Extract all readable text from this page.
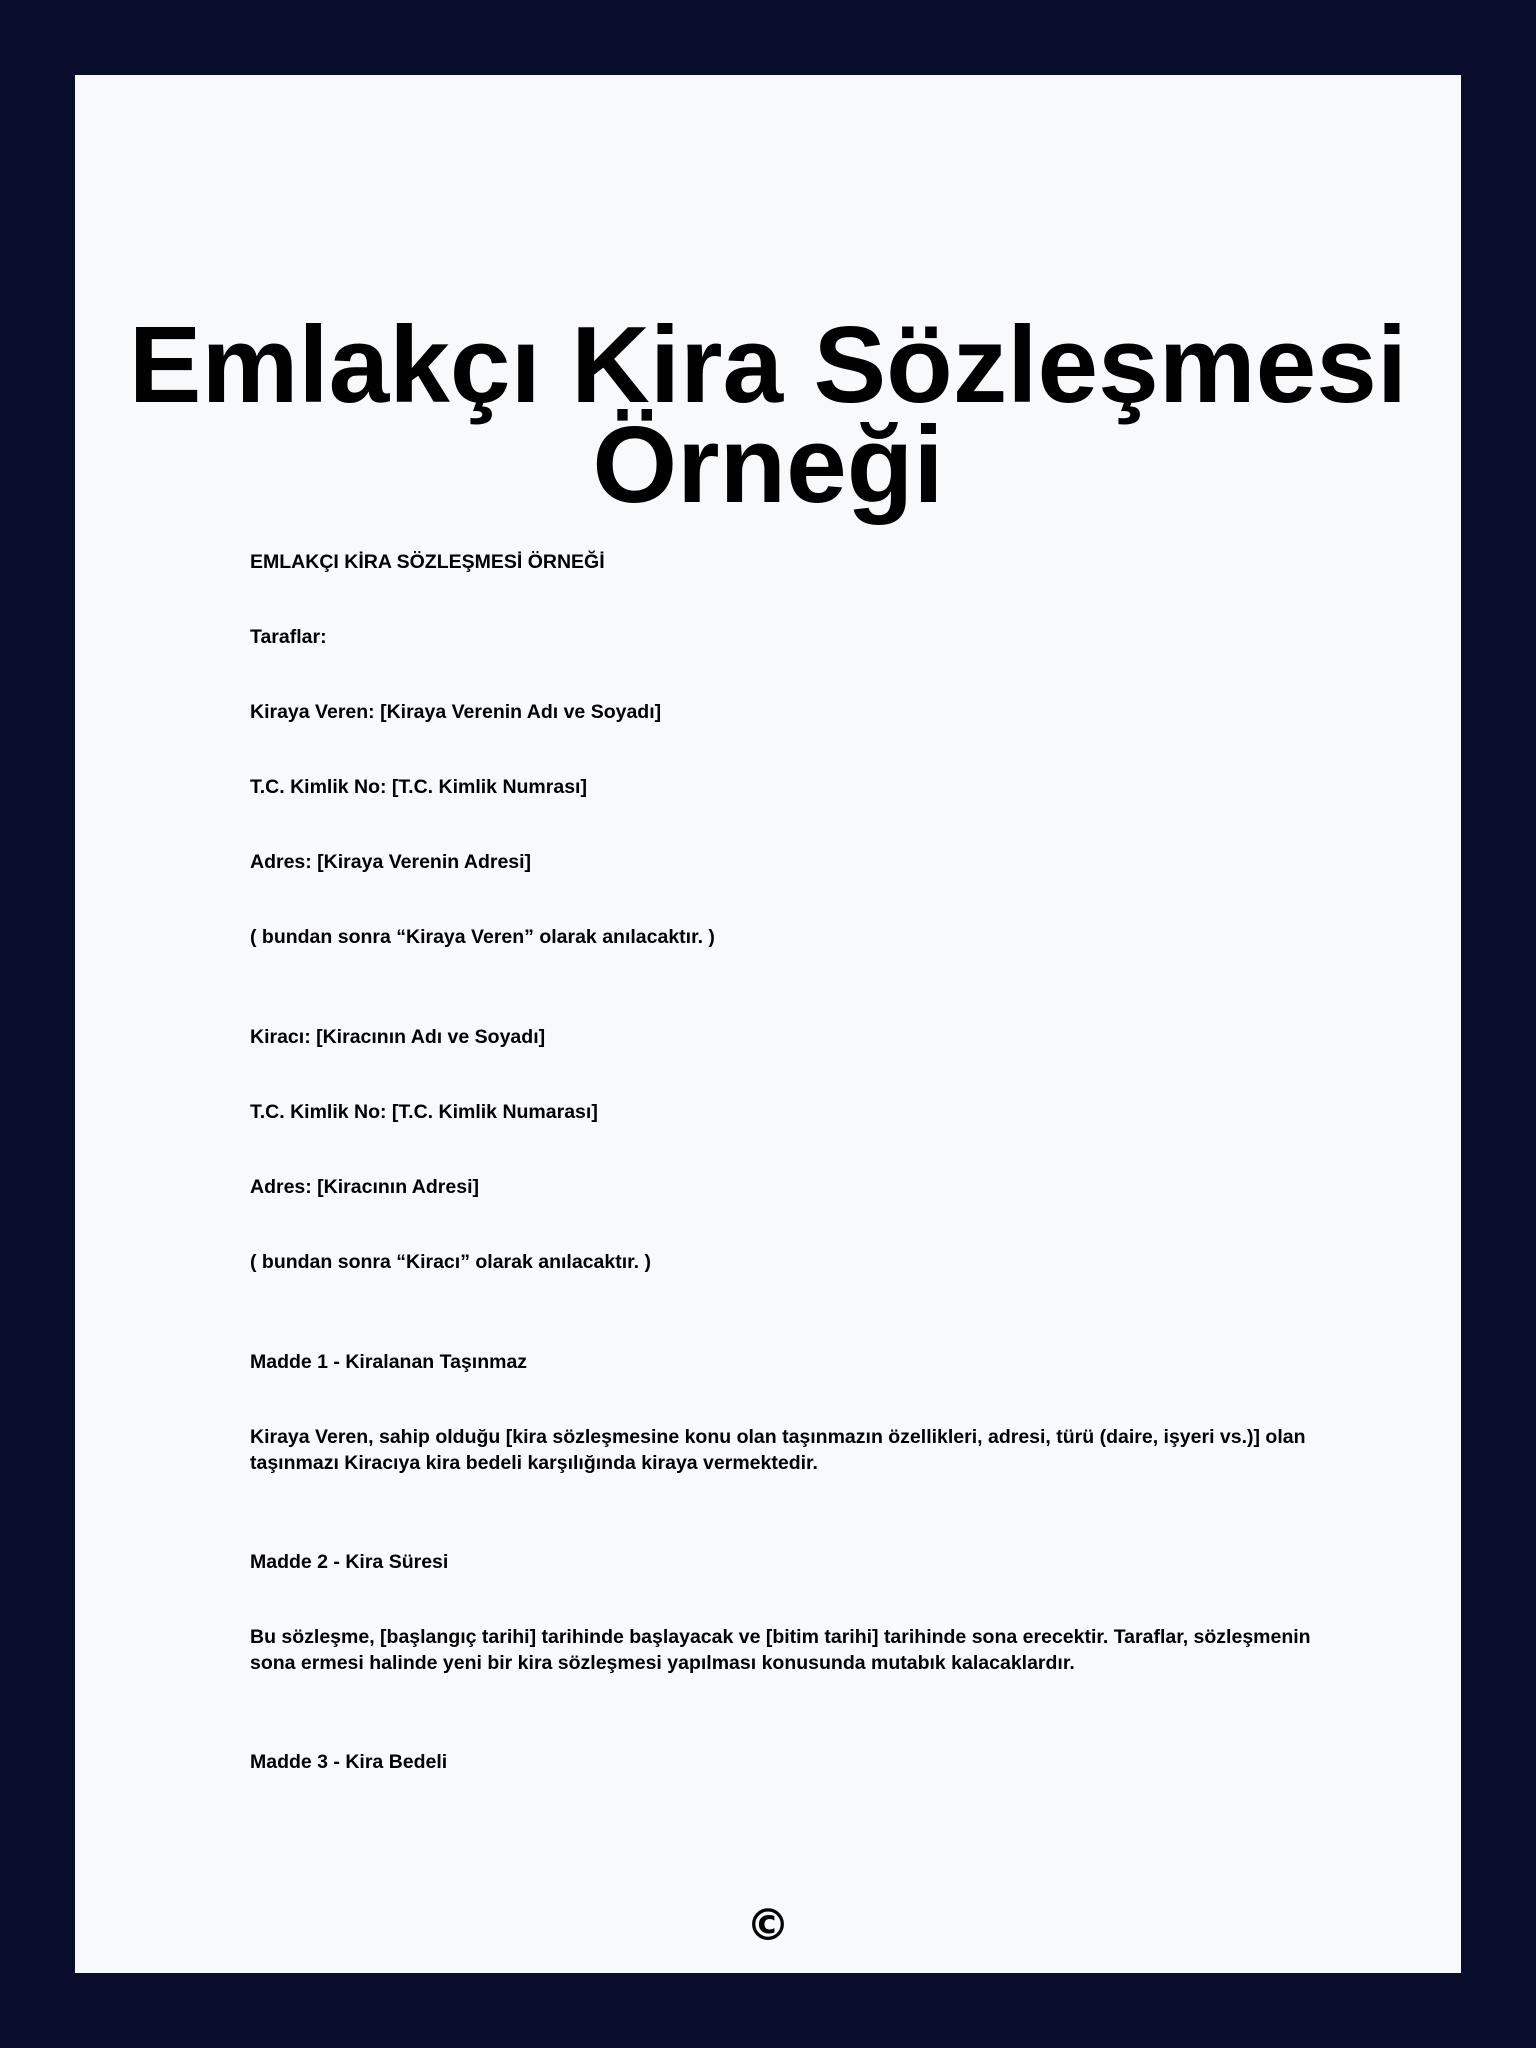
Emlakçı Kira Sözleşmesi
Örneği

EMLAKÇI KİRA SÖZLEŞMESİ ÖRNEĞİ

Taraflar:

Kiraya Veren: [Kiraya Verenin Adı ve Soyadı]

T.C. Kimlik No: [T.C. Kimlik Numrası]

Adres: [Kiraya Verenin Adresi]

( bundan sonra “Kiraya Veren” olarak anılacaktır. )

Kiracı: [Kiracının Adı ve Soyadı]

T.C. Kimlik No: [T.C. Kimlik Numarası]

Adres: [Kiracının Adresi]

( bundan sonra “Kiracı” olarak anılacaktır. )

Madde 1 - Kiralanan Taşınmaz

Kiraya Veren, sahip olduğu [kira sözleşmesine konu olan taşınmazın özellikleri, adresi, türü (daire, işyeri vs.)] olan taşınmazı Kiracıya kira bedeli karşılığında kiraya vermektedir.

Madde 2 - Kira Süresi

Bu sözleşme, [başlangıç tarihi] tarihinde başlayacak ve [bitim tarihi] tarihinde sona erecektir. Taraflar, sözleşmenin sona ermesi halinde yeni bir kira sözleşmesi yapılması konusunda mutabık kalacaklardır.

Madde 3 - Kira Bedeli

©
